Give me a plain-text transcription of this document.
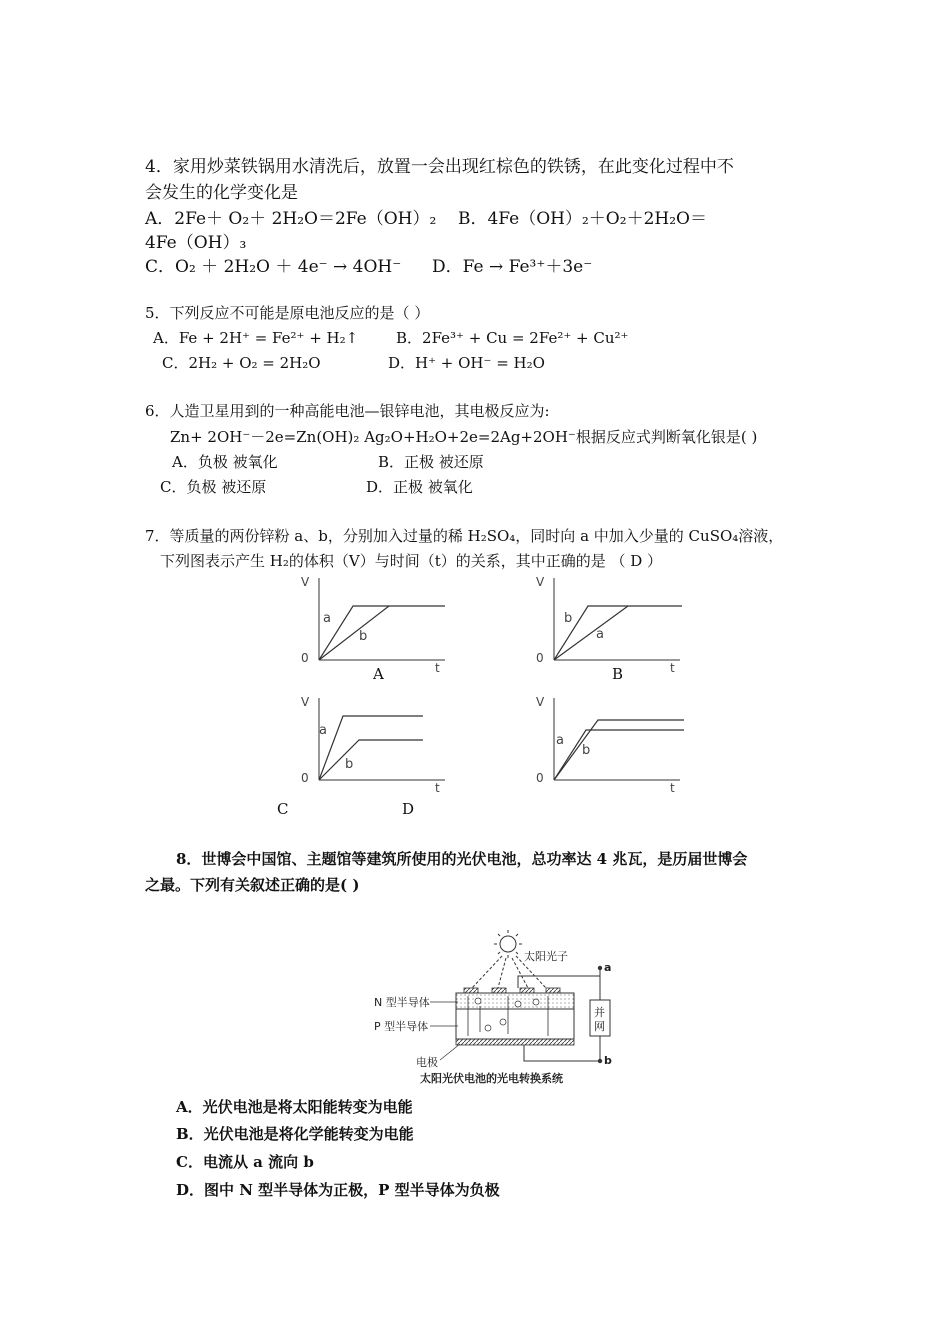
4．家用炒菜铁锅用水清洗后，放置一会出现红棕色的铁锈，在此变化过程中不
会发生的化学变化是
A．2Fe＋ O₂＋ 2H₂O＝2Fe（OH）₂ B．4Fe（OH）₂＋O₂＋2H₂O＝
4Fe（OH）₃
C．O₂ ＋ 2H₂O ＋ 4e⁻ → 4OH⁻ D．Fe → Fe³⁺＋3e⁻
5．下列反应不可能是原电池反应的是（ ）
A．Fe + 2H⁺ = Fe²⁺ + H₂↑	B．2Fe³⁺ + Cu = 2Fe²⁺ + Cu²⁺
C．2H₂ + O₂ = 2H₂O	D．H⁺ + OH⁻ = H₂O
6．人造卫星用到的一种高能电池—银锌电池，其电极反应为:
Zn+ 2OH⁻－2e=Zn(OH)₂ Ag₂O+H₂O+2e=2Ag+2OH⁻根据反应式判断氧化银是( )
A．负极 被氧化	B．正极 被还原
C．负极 被还原	D．正极 被氧化
7．等质量的两份锌粉 a、b，分别加入过量的稀 H₂SO₄，同时向 a 中加入少量的 CuSO₄溶液，
下列图表示产生 H₂的体积（V）与时间（t）的关系，其中正确的是 （ D ）
V
0
t
a
b
A
V
0
t
b
a
B
V
0
t
a
b
C
V
0
t
a
b
D
8．世博会中国馆、主题馆等建筑所使用的光伏电池，总功率达 4 兆瓦，是历届世博会
之最。下列有关叙述正确的是( )
太阳光子
N 型半导体
P 型半导体
电极
a
并
网
b
太阳光伏电池的光电转换系统
A．光伏电池是将太阳能转变为电能
B．光伏电池是将化学能转变为电能
C．电流从 a 流向 b
D．图中 N 型半导体为正极，P 型半导体为负极
